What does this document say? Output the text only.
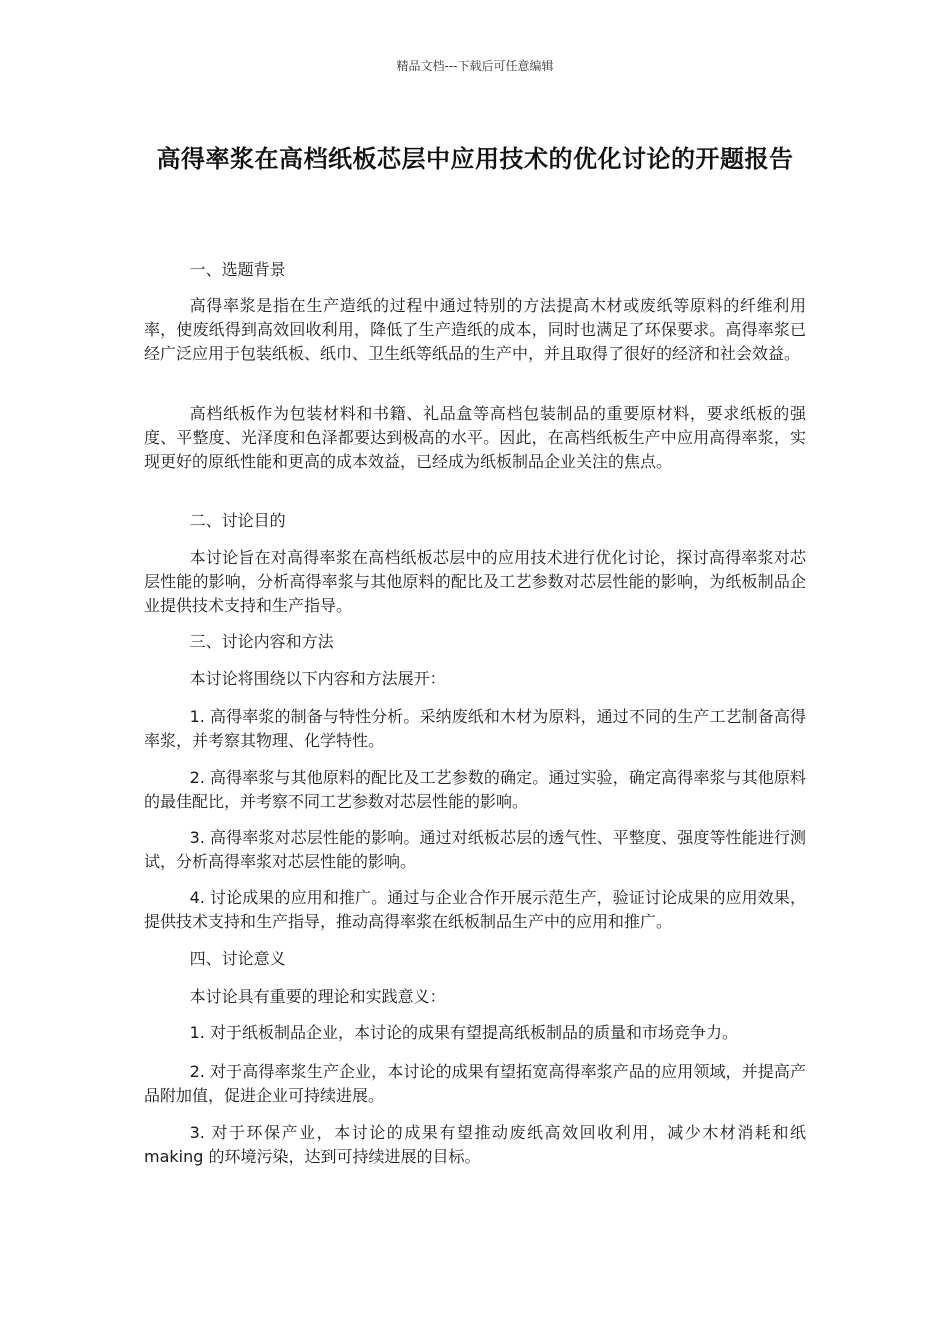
精品文档---下载后可任意编辑
高得率浆在高档纸板芯层中应用技术的优化讨论的开题报告

一、选题背景

高得率浆是指在生产造纸的过程中通过特别的方法提高木材或废纸等原料的纤维利用率，使废纸得到高效回收利用，降低了生产造纸的成本，同时也满足了环保要求。高得率浆已经广泛应用于包装纸板、纸巾、卫生纸等纸品的生产中，并且取得了很好的经济和社会效益。

高档纸板作为包装材料和书籍、礼品盒等高档包装制品的重要原材料，要求纸板的强度、平整度、光泽度和色泽都要达到极高的水平。因此，在高档纸板生产中应用高得率浆，实现更好的原纸性能和更高的成本效益，已经成为纸板制品企业关注的焦点。

二、讨论目的

本讨论旨在对高得率浆在高档纸板芯层中的应用技术进行优化讨论，探讨高得率浆对芯层性能的影响，分析高得率浆与其他原料的配比及工艺参数对芯层性能的影响，为纸板制品企业提供技术支持和生产指导。

三、讨论内容和方法

本讨论将围绕以下内容和方法展开：

1. 高得率浆的制备与特性分析。采纳废纸和木材为原料，通过不同的生产工艺制备高得率浆，并考察其物理、化学特性。

2. 高得率浆与其他原料的配比及工艺参数的确定。通过实验，确定高得率浆与其他原料的最佳配比，并考察不同工艺参数对芯层性能的影响。

3. 高得率浆对芯层性能的影响。通过对纸板芯层的透气性、平整度、强度等性能进行测试，分析高得率浆对芯层性能的影响。

4. 讨论成果的应用和推广。通过与企业合作开展示范生产，验证讨论成果的应用效果，提供技术支持和生产指导，推动高得率浆在纸板制品生产中的应用和推广。

四、讨论意义

本讨论具有重要的理论和实践意义：

1. 对于纸板制品企业，本讨论的成果有望提高纸板制品的质量和市场竞争力。

2. 对于高得率浆生产企业，本讨论的成果有望拓宽高得率浆产品的应用领域，并提高产品附加值，促进企业可持续进展。

3. 对于环保产业，本讨论的成果有望推动废纸高效回收利用，减少木材消耗和纸 making 的环境污染，达到可持续进展的目标。
